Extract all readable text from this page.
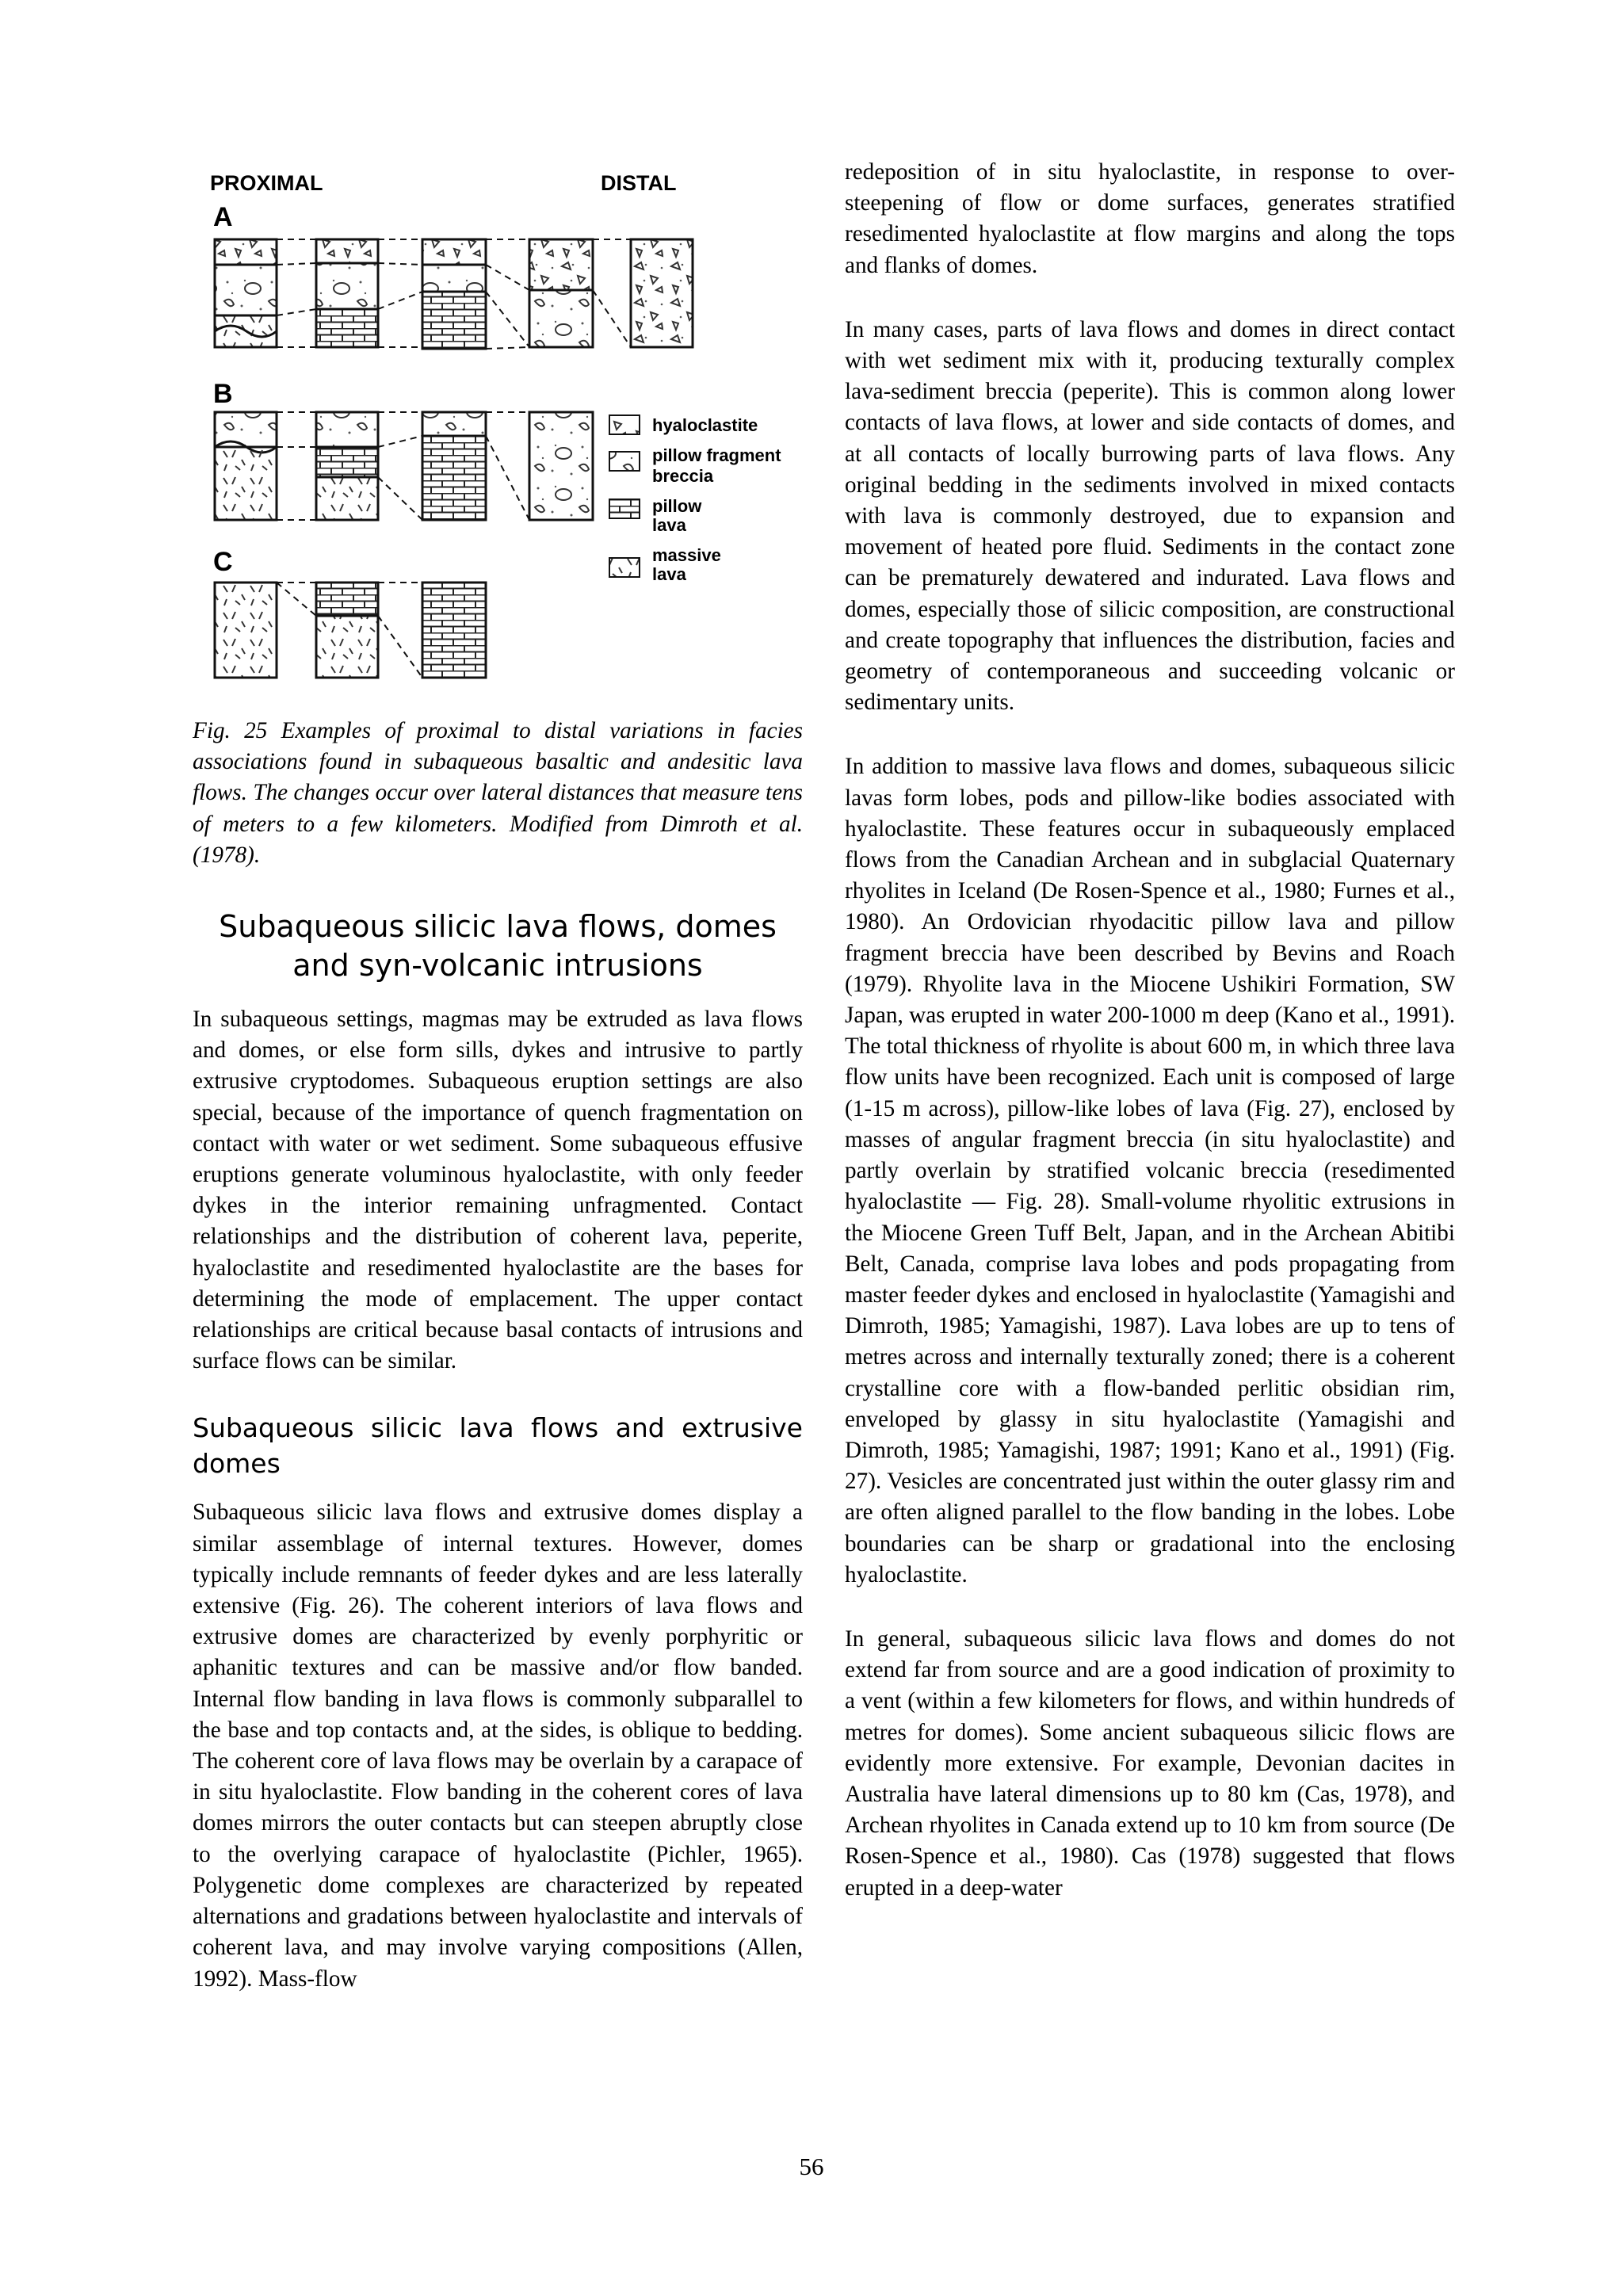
PROXIMAL	DISTAL
A
B
C
hyaloclastite
pillow fragment
breccia
pillow
lava
massive
lava

Fig. 25 Examples of proximal to distal variations in facies associations found in subaqueous basaltic and andesitic lava flows. The changes occur over lateral distances that measure tens of meters to a few kilometers. Modified from Dimroth et al. (1978).

Subaqueous silicic lava flows, domes and syn-volcanic intrusions

In subaqueous settings, magmas may be extruded as lava flows and domes, or else form sills, dykes and intrusive to partly extrusive cryptodomes. Subaqueous eruption settings are also special, because of the importance of quench fragmentation on contact with water or wet sediment. Some subaqueous effusive eruptions generate voluminous hyaloclastite, with only feeder dykes in the interior remaining unfragmented. Contact relationships and the distribution of coherent lava, peperite, hyaloclastite and resedimented hyaloclastite are the bases for determining the mode of emplacement. The upper contact relationships are critical because basal contacts of intrusions and surface flows can be similar.

Subaqueous silicic lava flows and extrusive domes

Subaqueous silicic lava flows and extrusive domes display a similar assemblage of internal textures. However, domes typically include remnants of feeder dykes and are less laterally extensive (Fig. 26). The coherent interiors of lava flows and extrusive domes are characterized by evenly porphyritic or aphanitic textures and can be massive and/or flow banded. Internal flow banding in lava flows is commonly subparallel to the base and top contacts and, at the sides, is oblique to bedding. The coherent core of lava flows may be overlain by a carapace of in situ hyaloclastite. Flow banding in the coherent cores of lava domes mirrors the outer contacts but can steepen abruptly close to the overlying carapace of hyaloclastite (Pichler, 1965). Polygenetic dome complexes are characterized by repeated alternations and gradations between hyaloclastite and intervals of coherent lava, and may involve varying compositions (Allen, 1992). Mass-flow

redeposition of in situ hyaloclastite, in response to over-steepening of flow or dome surfaces, generates stratified resedimented hyaloclastite at flow margins and along the tops and flanks of domes.

In many cases, parts of lava flows and domes in direct contact with wet sediment mix with it, producing texturally complex lava-sediment breccia (peperite). This is common along lower contacts of lava flows, at lower and side contacts of domes, and at all contacts of locally burrowing parts of lava flows. Any original bedding in the sediments involved in mixed contacts with lava is commonly destroyed, due to expansion and movement of heated pore fluid. Sediments in the contact zone can be prematurely dewatered and indurated. Lava flows and domes, especially those of silicic composition, are constructional and create topography that influences the distribution, facies and geometry of contemporaneous and succeeding volcanic or sedimentary units.

In addition to massive lava flows and domes, subaqueous silicic lavas form lobes, pods and pillow-like bodies associated with hyaloclastite. These features occur in subaqueously emplaced flows from the Canadian Archean and in subglacial Quaternary rhyolites in Iceland (De Rosen-Spence et al., 1980; Furnes et al., 1980). An Ordovician rhyodacitic pillow lava and pillow fragment breccia have been described by Bevins and Roach (1979). Rhyolite lava in the Miocene Ushikiri Formation, SW Japan, was erupted in water 200-1000 m deep (Kano et al., 1991). The total thickness of rhyolite is about 600 m, in which three lava flow units have been recognized. Each unit is composed of large (1-15 m across), pillow-like lobes of lava (Fig. 27), enclosed by masses of angular fragment breccia (in situ hyaloclastite) and partly overlain by stratified volcanic breccia (resedimented hyaloclastite — Fig. 28). Small-volume rhyolitic extrusions in the Miocene Green Tuff Belt, Japan, and in the Archean Abitibi Belt, Canada, comprise lava lobes and pods propagating from master feeder dykes and enclosed in hyaloclastite (Yamagishi and Dimroth, 1985; Yamagishi, 1987). Lava lobes are up to tens of metres across and internally texturally zoned; there is a coherent crystalline core with a flow-banded perlitic obsidian rim, enveloped by glassy in situ hyaloclastite (Yamagishi and Dimroth, 1985; Yamagishi, 1987; 1991; Kano et al., 1991) (Fig. 27). Vesicles are concentrated just within the outer glassy rim and are often aligned parallel to the flow banding in the lobes. Lobe boundaries can be sharp or gradational into the enclosing hyaloclastite.

In general, subaqueous silicic lava flows and domes do not extend far from source and are a good indication of proximity to a vent (within a few kilometers for flows, and within hundreds of metres for domes). Some ancient subaqueous silicic flows are evidently more extensive. For example, Devonian dacites in Australia have lateral dimensions up to 80 km (Cas, 1978), and Archean rhyolites in Canada extend up to 10 km from source (De Rosen-Spence et al., 1980). Cas (1978) suggested that flows erupted in a deep-water

56
